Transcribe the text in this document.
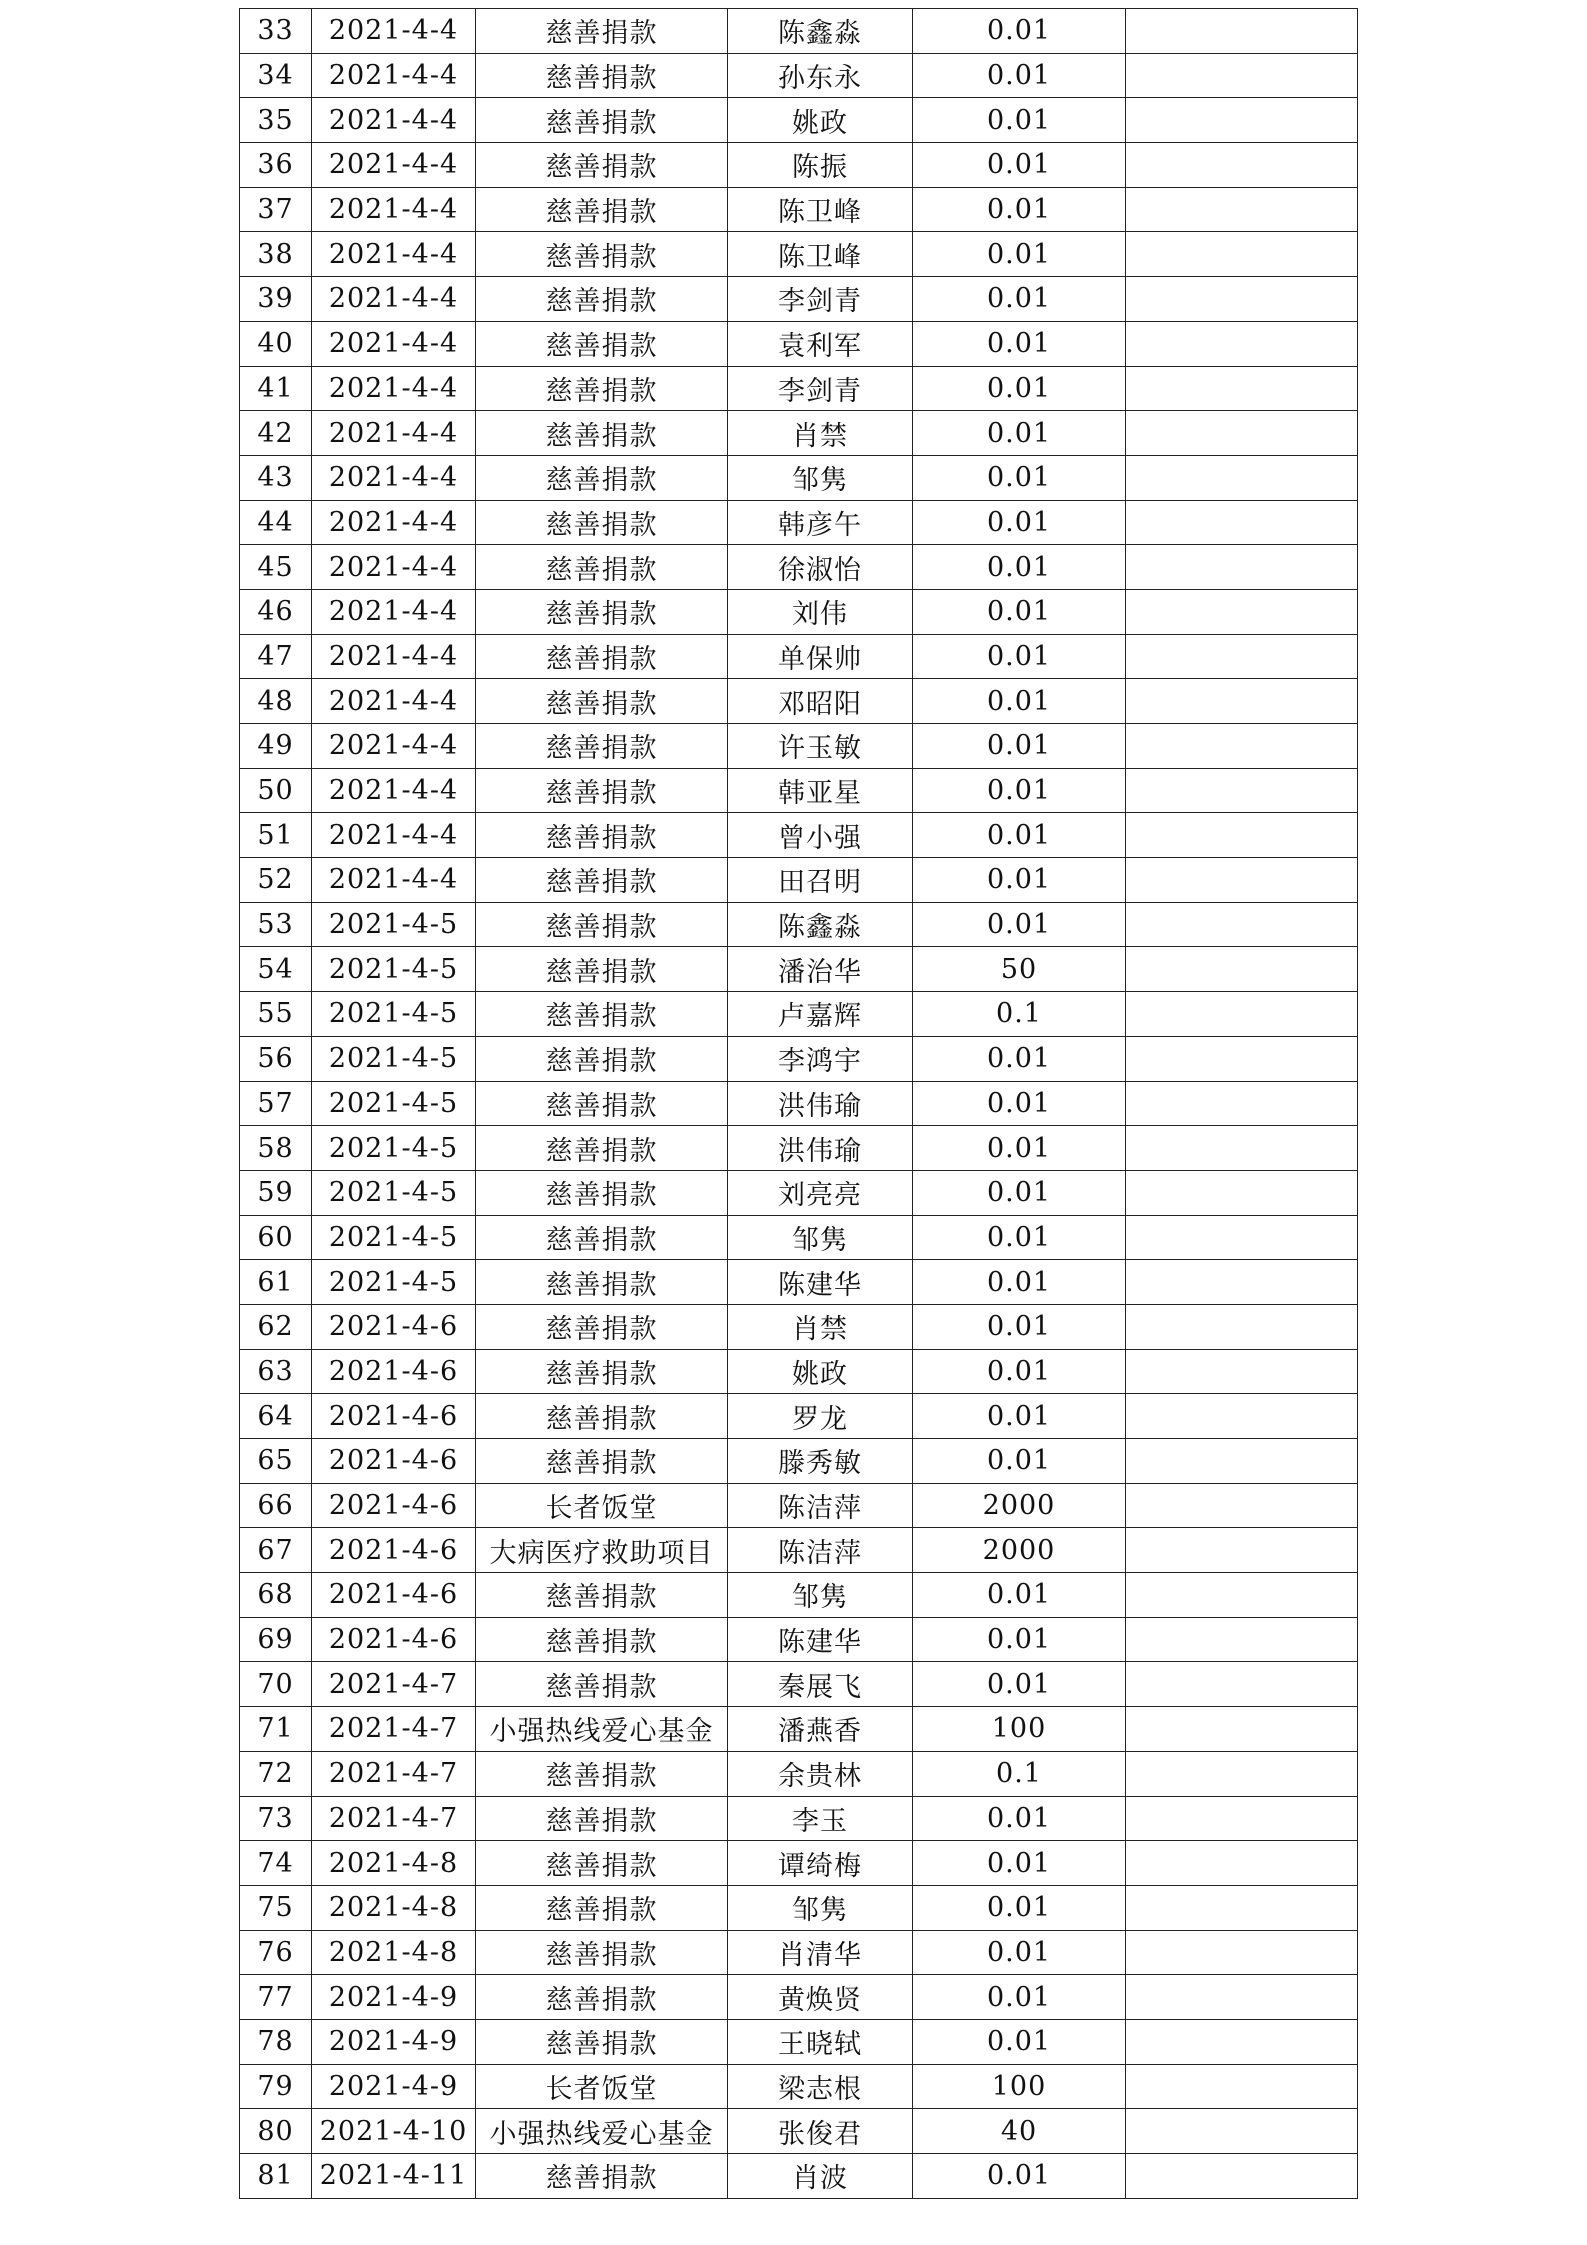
33	2021-4-4	慈善捐款	陈鑫淼	0.01	
34	2021-4-4	慈善捐款	孙东永	0.01	
35	2021-4-4	慈善捐款	姚政	0.01	
36	2021-4-4	慈善捐款	陈振	0.01	
37	2021-4-4	慈善捐款	陈卫峰	0.01	
38	2021-4-4	慈善捐款	陈卫峰	0.01	
39	2021-4-4	慈善捐款	李剑青	0.01	
40	2021-4-4	慈善捐款	袁利军	0.01	
41	2021-4-4	慈善捐款	李剑青	0.01	
42	2021-4-4	慈善捐款	肖禁	0.01	
43	2021-4-4	慈善捐款	邹隽	0.01	
44	2021-4-4	慈善捐款	韩彦午	0.01	
45	2021-4-4	慈善捐款	徐淑怡	0.01	
46	2021-4-4	慈善捐款	刘伟	0.01	
47	2021-4-4	慈善捐款	单保帅	0.01	
48	2021-4-4	慈善捐款	邓昭阳	0.01	
49	2021-4-4	慈善捐款	许玉敏	0.01	
50	2021-4-4	慈善捐款	韩亚星	0.01	
51	2021-4-4	慈善捐款	曾小强	0.01	
52	2021-4-4	慈善捐款	田召明	0.01	
53	2021-4-5	慈善捐款	陈鑫淼	0.01	
54	2021-4-5	慈善捐款	潘治华	50	
55	2021-4-5	慈善捐款	卢嘉辉	0.1	
56	2021-4-5	慈善捐款	李鸿宇	0.01	
57	2021-4-5	慈善捐款	洪伟瑜	0.01	
58	2021-4-5	慈善捐款	洪伟瑜	0.01	
59	2021-4-5	慈善捐款	刘亮亮	0.01	
60	2021-4-5	慈善捐款	邹隽	0.01	
61	2021-4-5	慈善捐款	陈建华	0.01	
62	2021-4-6	慈善捐款	肖禁	0.01	
63	2021-4-6	慈善捐款	姚政	0.01	
64	2021-4-6	慈善捐款	罗龙	0.01	
65	2021-4-6	慈善捐款	滕秀敏	0.01	
66	2021-4-6	长者饭堂	陈洁萍	2000	
67	2021-4-6	大病医疗救助项目	陈洁萍	2000	
68	2021-4-6	慈善捐款	邹隽	0.01	
69	2021-4-6	慈善捐款	陈建华	0.01	
70	2021-4-7	慈善捐款	秦展飞	0.01	
71	2021-4-7	小强热线爱心基金	潘燕香	100	
72	2021-4-7	慈善捐款	余贵林	0.1	
73	2021-4-7	慈善捐款	李玉	0.01	
74	2021-4-8	慈善捐款	谭绮梅	0.01	
75	2021-4-8	慈善捐款	邹隽	0.01	
76	2021-4-8	慈善捐款	肖清华	0.01	
77	2021-4-9	慈善捐款	黄焕贤	0.01	
78	2021-4-9	慈善捐款	王晓轼	0.01	
79	2021-4-9	长者饭堂	梁志根	100	
80	2021-4-10	小强热线爱心基金	张俊君	40	
81	2021-4-11	慈善捐款	肖波	0.01	
